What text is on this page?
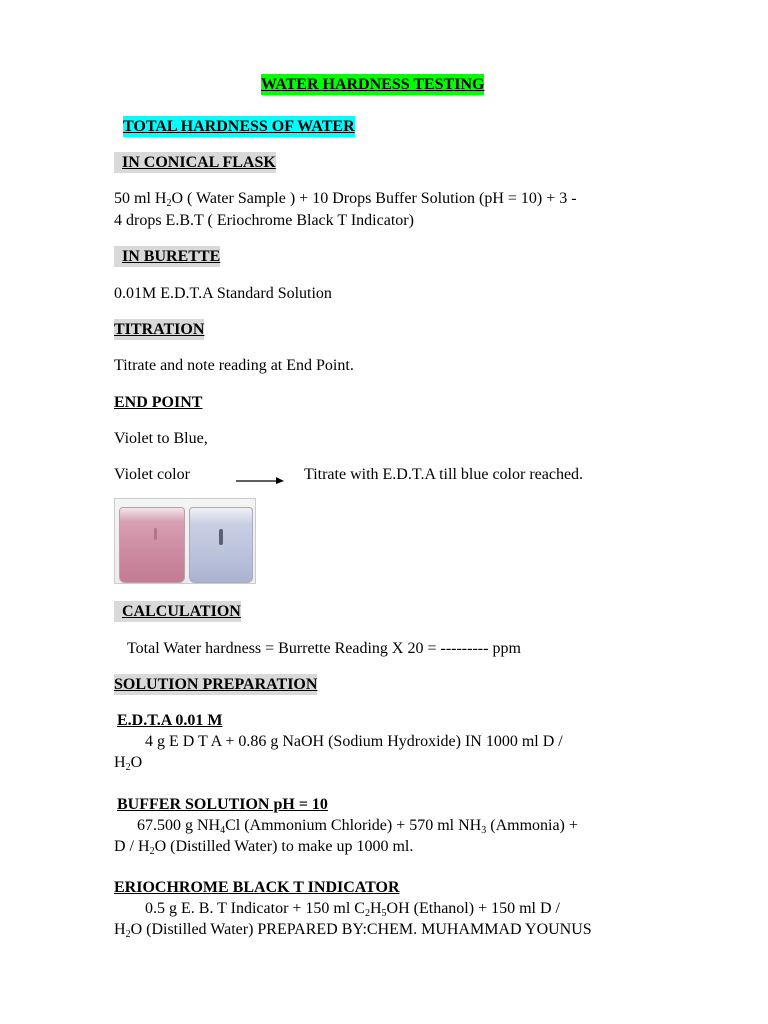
WATER HARDNESS TESTING
TOTAL HARDNESS OF WATER
IN CONICAL FLASK
50 ml $H_2O$ ( Water Sample ) + 10 Drops Buffer Solution (pH = 10) + 3 -
4 drops E.B.T ( Eriochrome Black T Indicator)
IN BURETTE
0.01M E.D.T.A Standard Solution
TITRATION
Titrate and note reading at End Point.
END POINT
Violet to Blue,
Violet color	Titrate with E.D.T.A till blue color reached.
CALCULATION
Total Water hardness = Burrette Reading X 20 = --------- ppm
SOLUTION PREPARATION
E.D.T.A 0.01 M
4 g E D T A + 0.86 g NaOH (Sodium Hydroxide) IN 1000 ml D /
$H_2O$
BUFFER SOLUTION pH = 10
67.500 g $NH_4Cl$ (Ammonium Chloride) + 570 ml $NH_3$ (Ammonia) +
D / $H_2O$ (Distilled Water) to make up 1000 ml.
ERIOCHROME BLACK T INDICATOR
0.5 g E. B. T Indicator + 150 ml $C_2H_5OH$ (Ethanol) + 150 ml D /
$H_2O$ (Distilled Water) PREPARED BY:CHEM. MUHAMMAD YOUNUS
